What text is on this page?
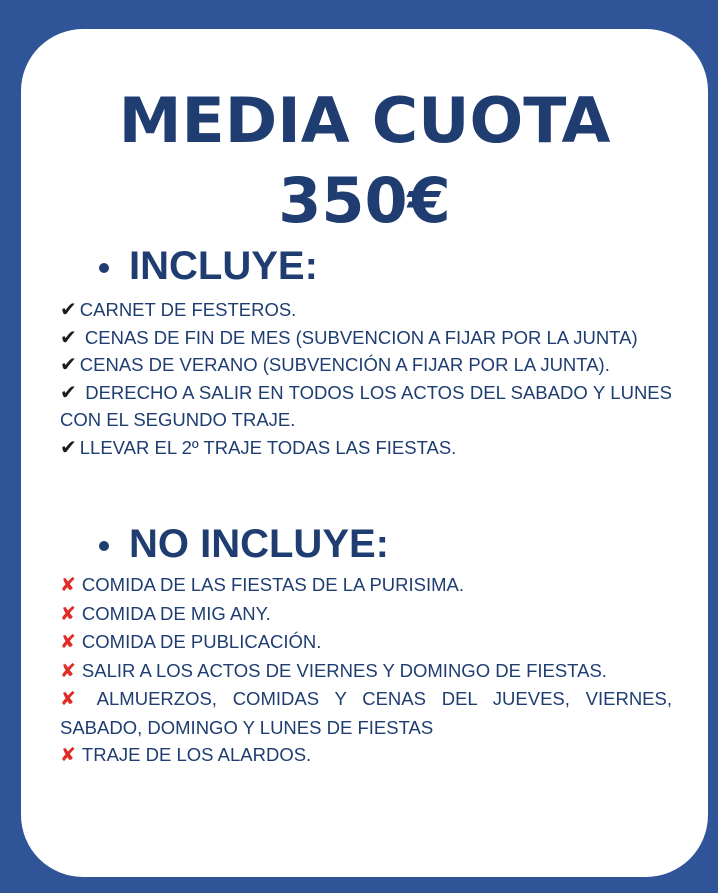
MEDIA CUOTA
350€
INCLUYE:
✔ CARNET DE FESTEROS.
✔ CENAS DE FIN DE MES (SUBVENCION A FIJAR POR LA JUNTA)
✔ CENAS DE VERANO (SUBVENCIÓN A FIJAR POR LA JUNTA).
✔ DERECHO A SALIR EN TODOS LOS ACTOS DEL SABADO Y LUNES CON EL SEGUNDO TRAJE.
✔ LLEVAR EL 2º TRAJE TODAS LAS FIESTAS.
NO INCLUYE:
✘ COMIDA DE LAS FIESTAS DE LA PURISIMA.
✘ COMIDA DE MIG ANY.
✘ COMIDA DE PUBLICACIÓN.
✘ SALIR A LOS ACTOS DE VIERNES Y DOMINGO DE FIESTAS.
✘ ALMUERZOS, COMIDAS Y CENAS DEL JUEVES, VIERNES, SABADO, DOMINGO Y LUNES DE FIESTAS
✘ TRAJE DE LOS ALARDOS.
